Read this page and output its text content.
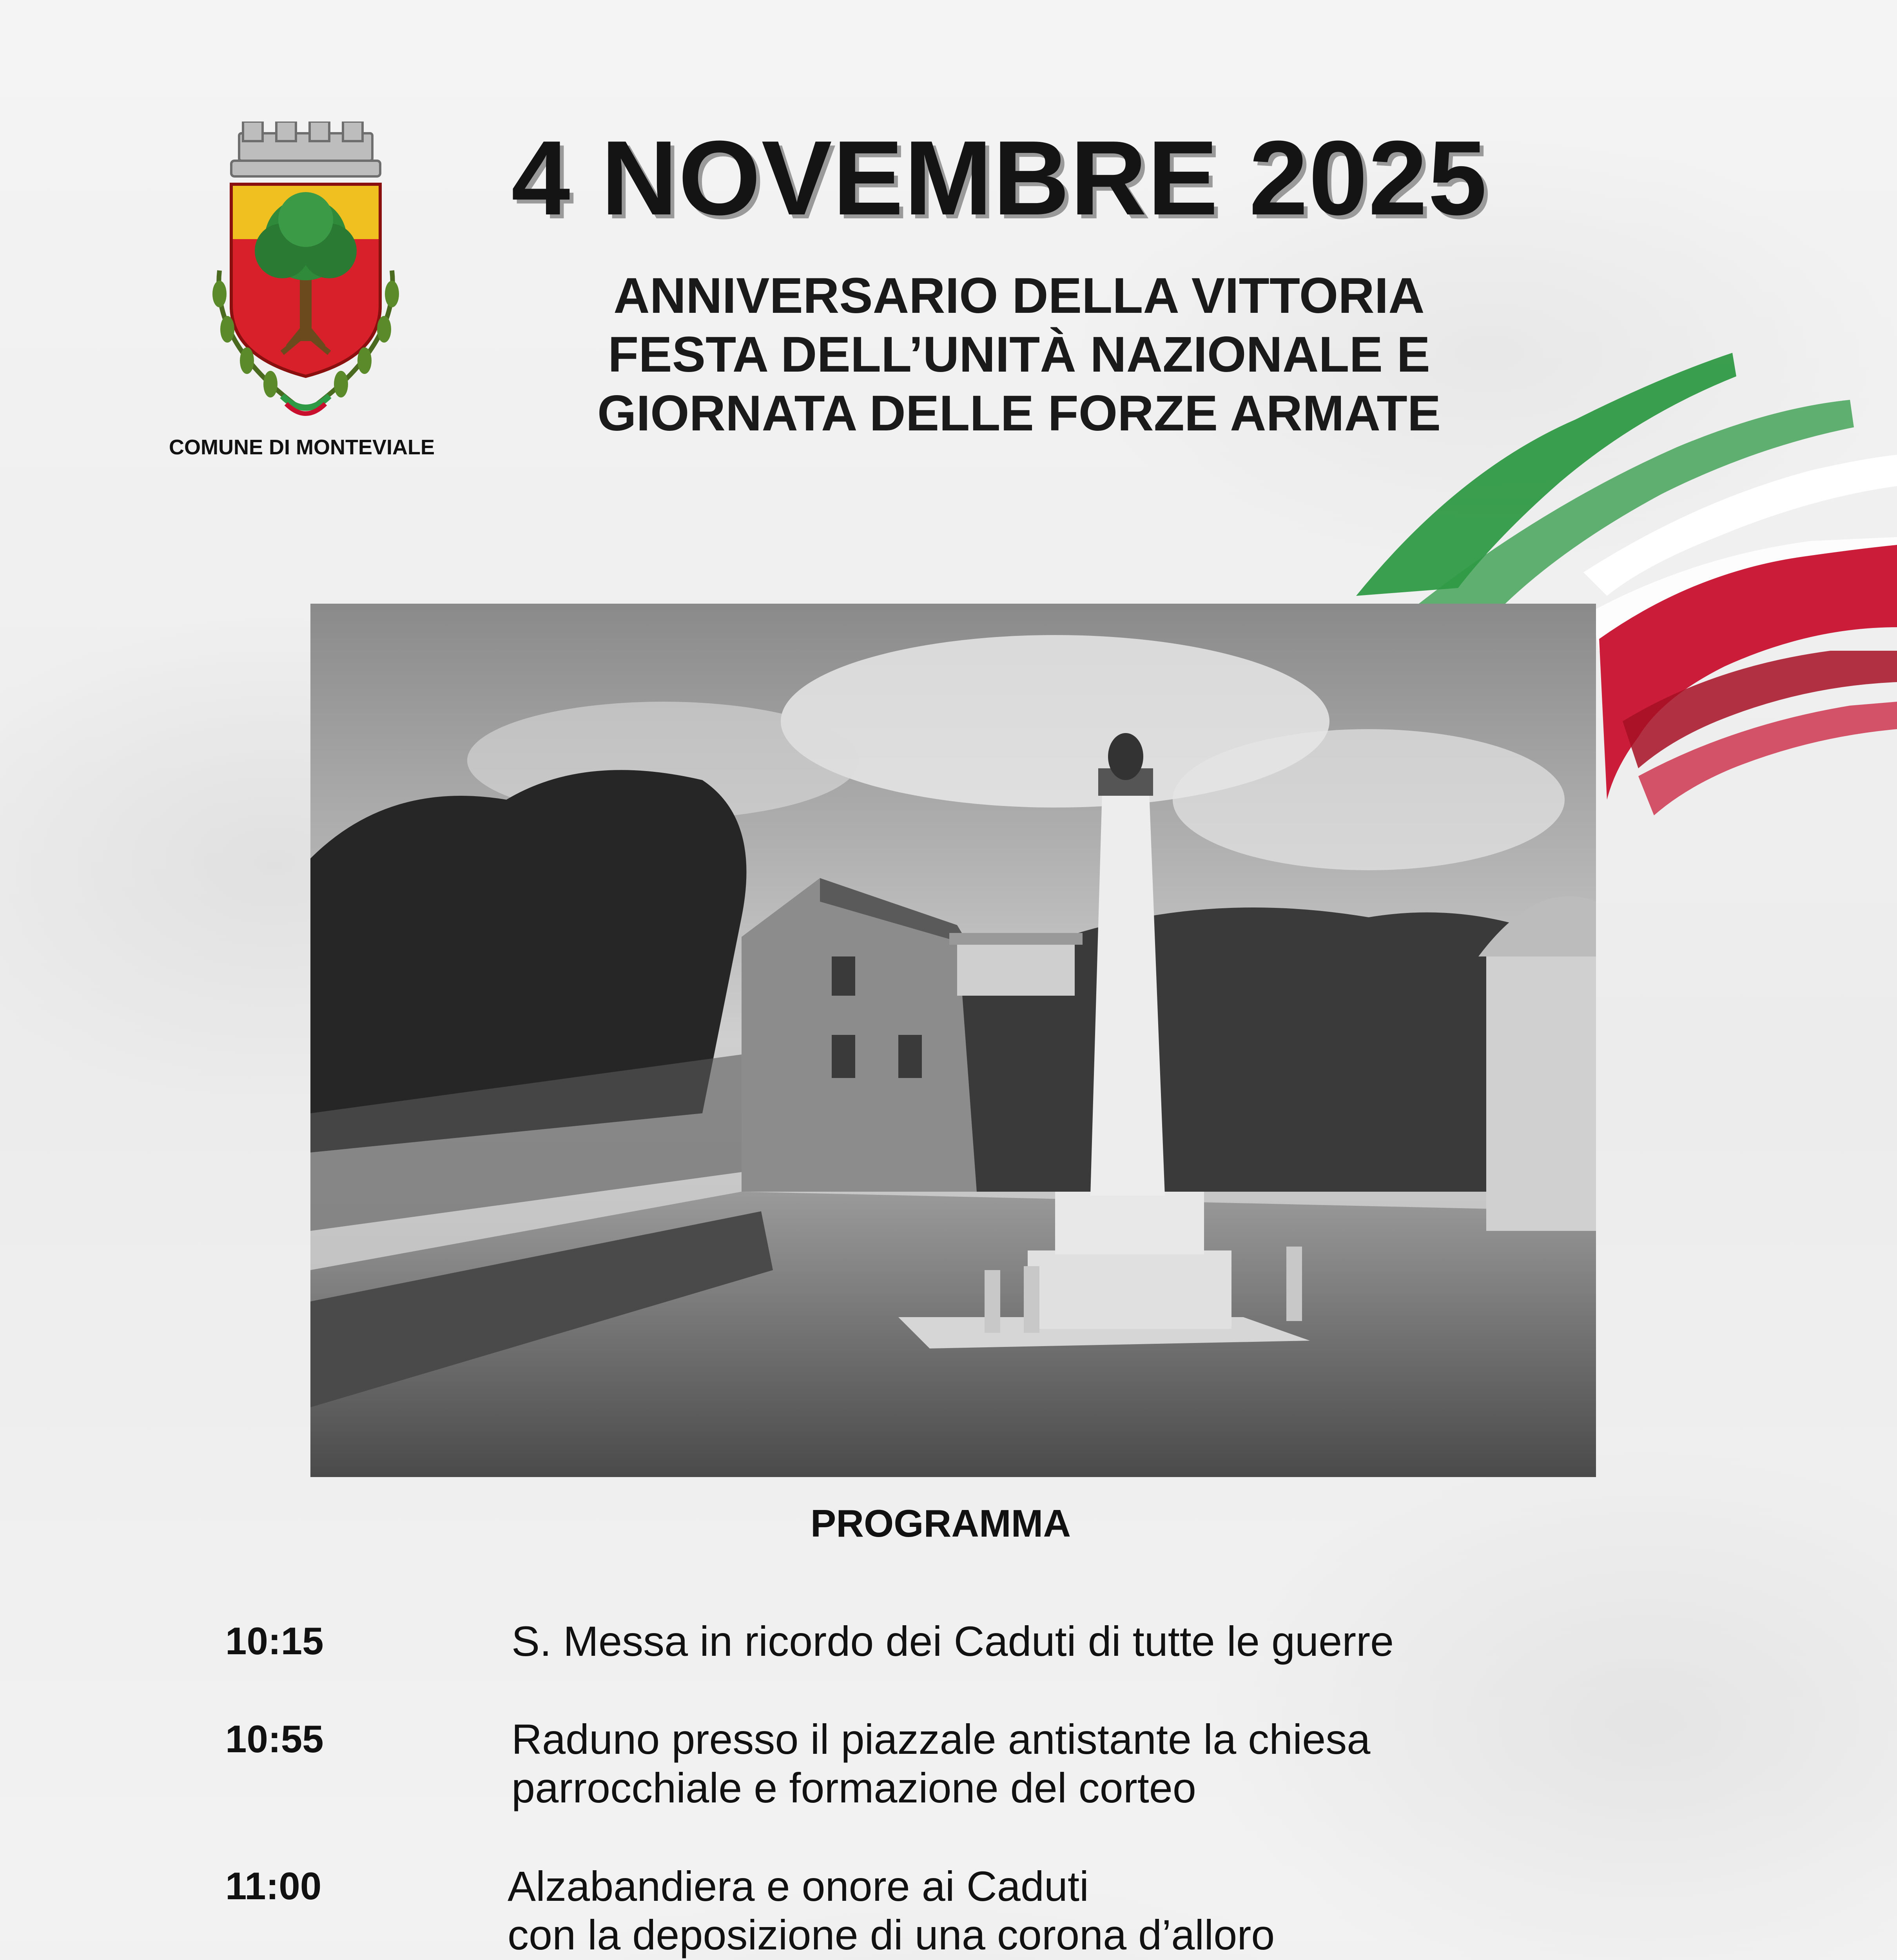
4 NOVEMBRE 2025
ANNIVERSARIO DELLA VITTORIA
FESTA DELL’UNITÀ NAZIONALE E
GIORNATA DELLE FORZE ARMATE
COMUNE DI MONTEVIALE
PROGRAMMA
10:15	S. Messa in ricordo dei Caduti di tutte le guerre
10:55	Raduno presso il piazzale antistante la chiesa
parrocchiale e formazione del corteo
11:00	Alzabandiera e onore ai Caduti
con la deposizione di una corona d’alloro
